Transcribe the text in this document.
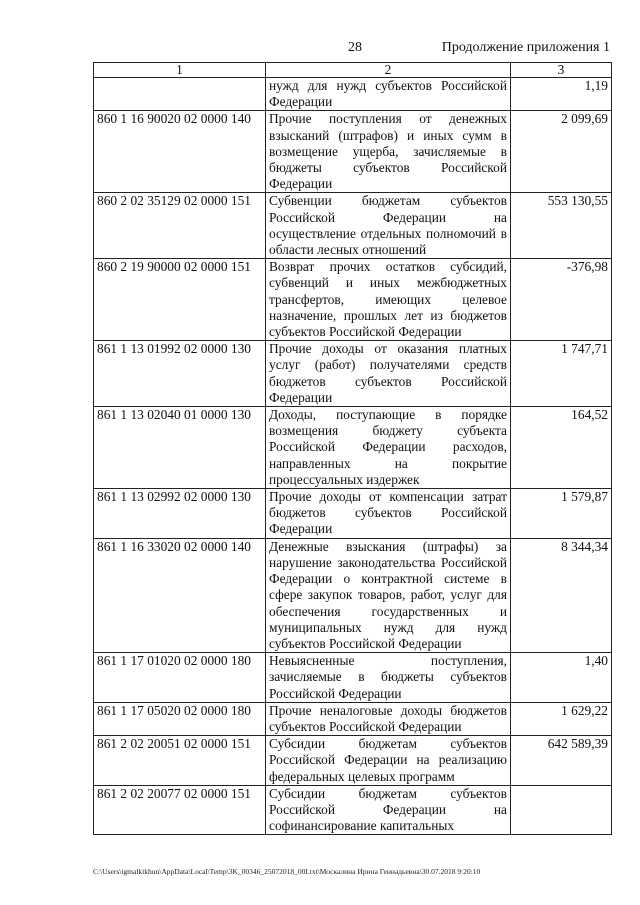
28	Продолжение приложения 1
1	2	3
	нужд для нужд субъектов Российской Федерации	1,19
860 1 16 90020 02 0000 140	Прочие поступления от денежных взысканий (штрафов) и иных сумм в возмещение ущерба, зачисляемые в бюджеты субъектов Российской Федерации	2 099,69
860 2 02 35129 02 0000 151	Субвенции бюджетам субъектов Российской Федерации на осуществление отдельных полномочий в области лесных отношений	553 130,55
860 2 19 90000 02 0000 151	Возврат прочих остатков субсидий, субвенций и иных межбюджетных трансфертов, имеющих целевое назначение, прошлых лет из бюджетов субъектов Российской Федерации	-376,98
861 1 13 01992 02 0000 130	Прочие доходы от оказания платных услуг (работ) получателями средств бюджетов субъектов Российской Федерации	1 747,71
861 1 13 02040 01 0000 130	Доходы, поступающие в порядке возмещения бюджету субъекта Российской Федерации расходов, направленных на покрытие процессуальных издержек	164,52
861 1 13 02992 02 0000 130	Прочие доходы от компенсации затрат бюджетов субъектов Российской Федерации	1 579,87
861 1 16 33020 02 0000 140	Денежные взыскания (штрафы) за нарушение законодательства Российской Федерации о контрактной системе в сфере закупок товаров, работ, услуг для обеспечения государственных и муниципальных нужд для нужд субъектов Российской Федерации	8 344,34
861 1 17 01020 02 0000 180	Невыясненные поступления, зачисляемые в бюджеты субъектов Российской Федерации	1,40
861 1 17 05020 02 0000 180	Прочие неналоговые доходы бюджетов субъектов Российской Федерации	1 629,22
861 2 02 20051 02 0000 151	Субсидии бюджетам субъектов Российской Федерации на реализацию федеральных целевых программ	642 589,39
861 2 02 20077 02 0000 151	Субсидии бюджетам субъектов Российской Федерации на софинансирование капитальных	
C:\Users\igmalkikhun\AppData\Local\Temp\3K_00346_25072018_00I.txt\Москалина Ирина Геннадьевна\30.07.2018 9:20:10
